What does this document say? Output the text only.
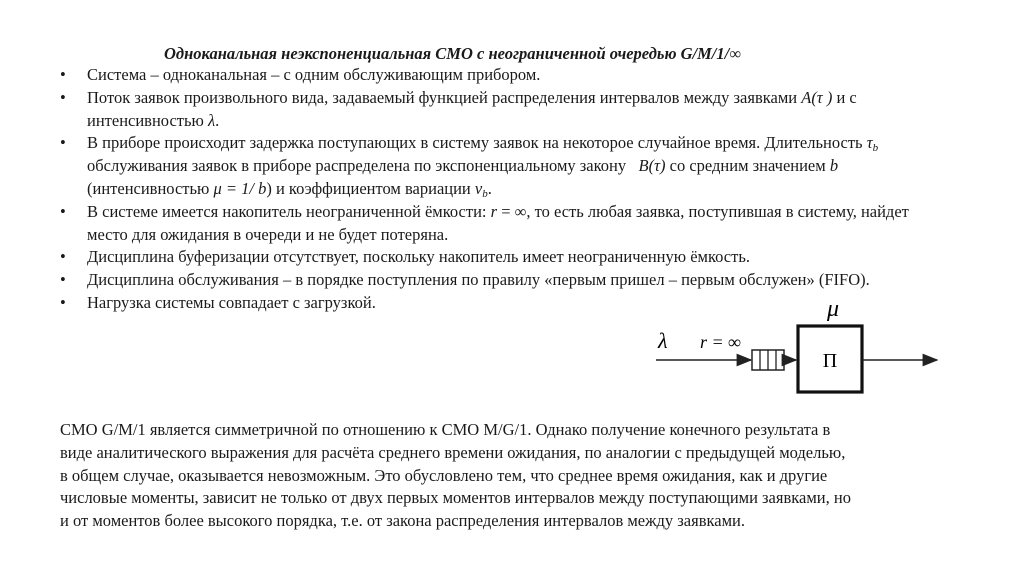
Одноканальная неэкспоненциальная СМО с неограниченной очередью G/M/1/∞
• Система – одноканальная – с одним обслуживающим прибором.
• Поток заявок произвольного вида, задаваемый функцией распределения интервалов между заявками A(τ ) и с интенсивностью λ.
• В приборе происходит задержка поступающих в систему заявок на некоторое случайное время. Длительность $\tau_b$ обслуживания заявок в приборе распределена по экспоненциальному закону   B(τ) со средним значением b (интенсивностью μ = 1/ b) и коэффициентом вариации $v_b$.
• В системе имеется накопитель неограниченной ёмкости: r = ∞, то есть любая заявка, поступившая в систему, найдет место для ожидания в очереди и не будет потеряна.
• Дисциплина буферизации отсутствует, поскольку накопитель имеет неограниченную ёмкость.
• Дисциплина обслуживания – в порядке поступления по правилу «первым пришел – первым обслужен» (FIFO).
• Нагрузка системы совпадает с загрузкой.
λ r = ∞
μ
П

СМО G/M/1 является симметричной по отношению к СМО M/G/1. Однако получение конечного результата в
виде аналитического выражения для расчёта среднего времени ожидания, по аналогии с предыдущей моделью,
в общем случае, оказывается невозможным. Это обусловлено тем, что среднее время ожидания, как и другие
числовые моменты, зависит не только от двух первых моментов интервалов между поступающими заявками, но
и от моментов более высокого порядка, т.е. от закона распределения интервалов между заявками.
